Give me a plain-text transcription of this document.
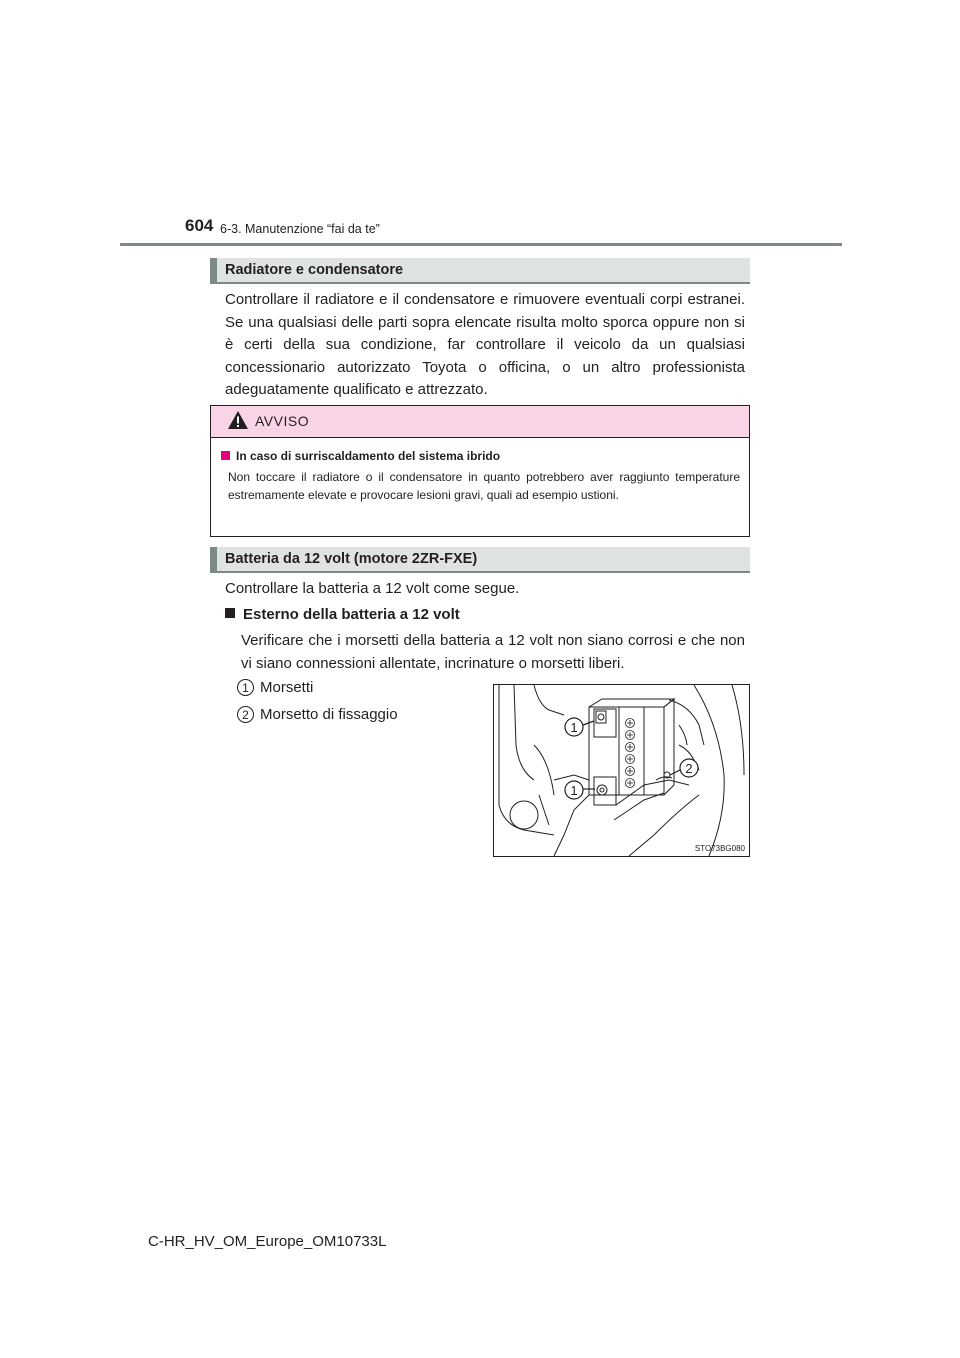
604 6-3. Manutenzione “fai da te”
Radiatore e condensatore
Controllare il radiatore e il condensatore e rimuovere eventuali corpi estranei. Se una qualsiasi delle parti sopra elencate risulta molto sporca oppure non si è certi della sua condizione, far controllare il veicolo da un qualsiasi concessionario autorizzato Toyota o officina, o un altro professionista adeguatamente qualificato e attrezzato.
AVVISO
In caso di surriscaldamento del sistema ibrido
Non toccare il radiatore o il condensatore in quanto potrebbero aver raggiunto temperature estremamente elevate e provocare lesioni gravi, quali ad esempio ustioni.
Batteria da 12 volt (motore 2ZR-FXE)
Controllare la batteria a 12 volt come segue.
Esterno della batteria a 12 volt
Verificare che i morsetti della batteria a 12 volt non siano corrosi e che non vi siano connessioni allentate, incrinature o morsetti liberi.
1 Morsetti
2 Morsetto di fissaggio
1
1
2
STO73BG080
C-HR_HV_OM_Europe_OM10733L
